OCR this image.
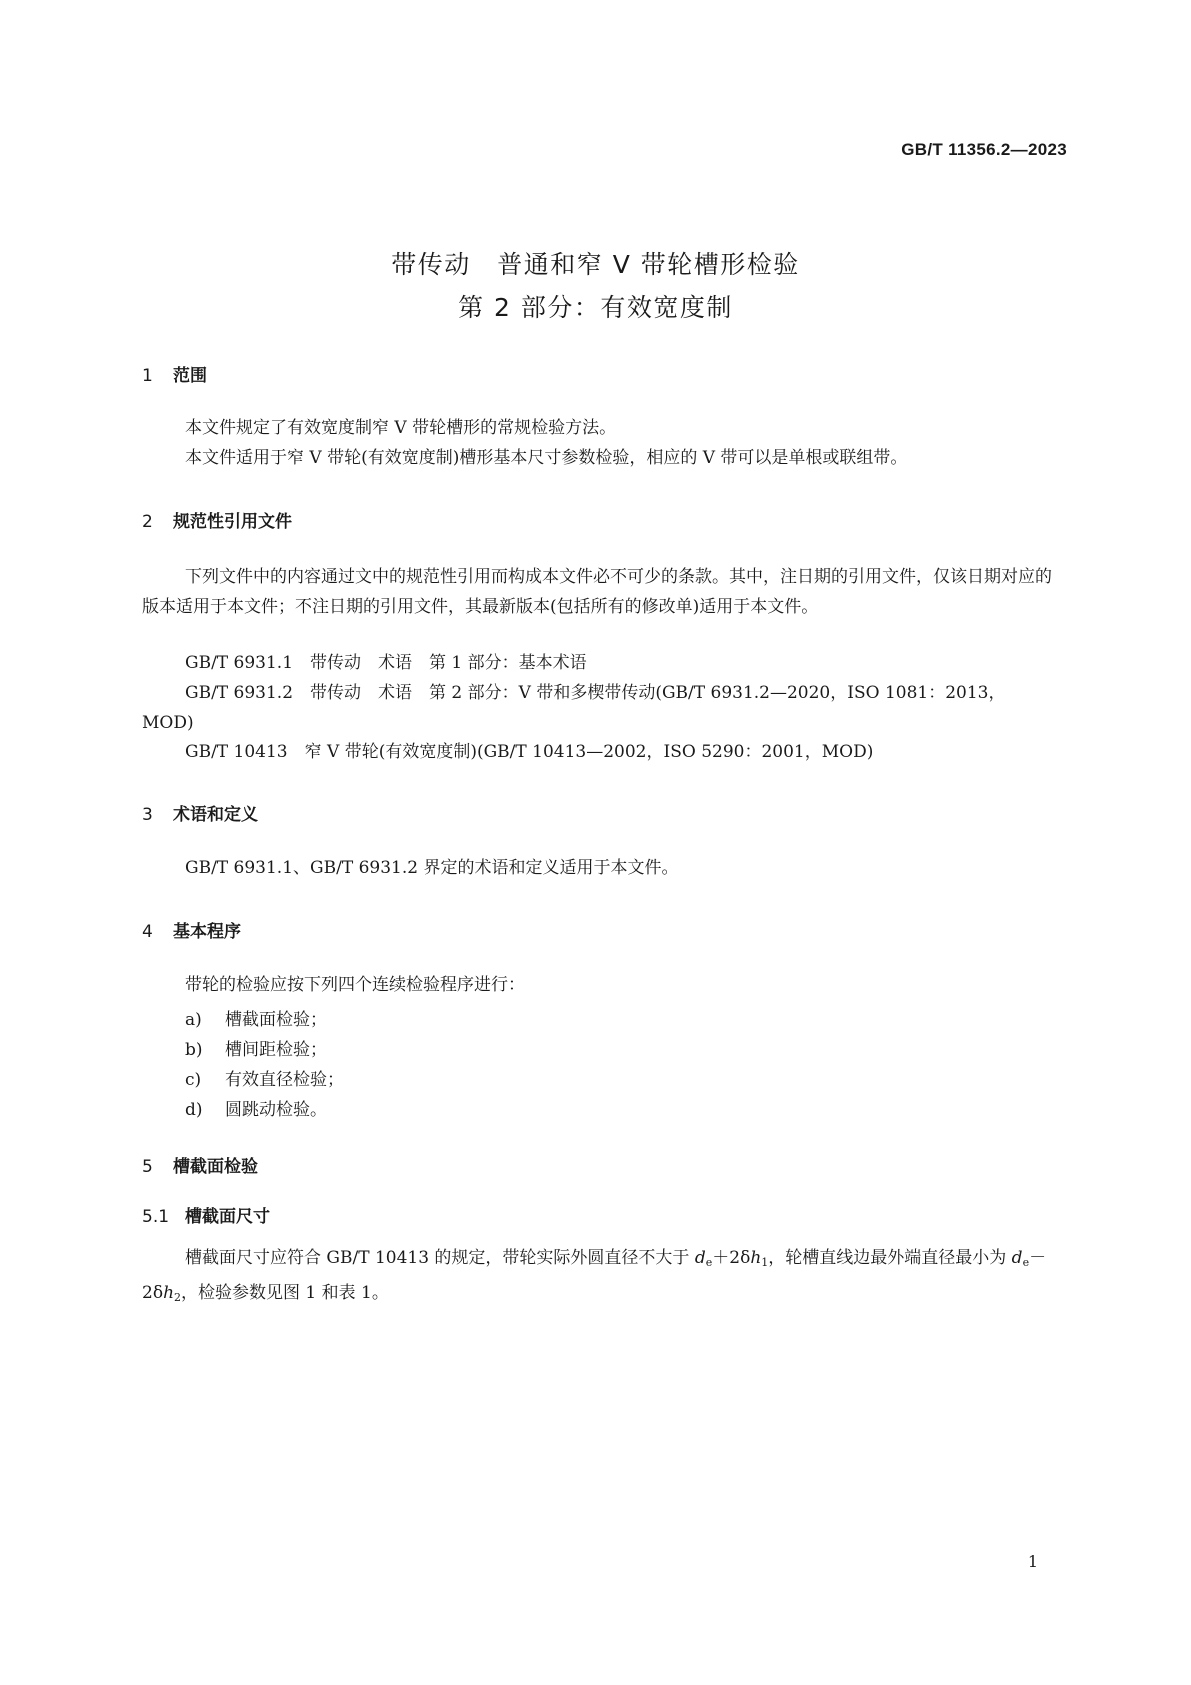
GB/T 11356.2—2023
带传动　普通和窄 V 带轮槽形检验
第 2 部分：有效宽度制
1 范围
本文件规定了有效宽度制窄 V 带轮槽形的常规检验方法。
本文件适用于窄 V 带轮(有效宽度制)槽形基本尺寸参数检验，相应的 V 带可以是单根或联组带。
2 规范性引用文件
下列文件中的内容通过文中的规范性引用而构成本文件必不可少的条款。其中，注日期的引用文件，仅该日期对应的版本适用于本文件；不注日期的引用文件，其最新版本(包括所有的修改单)适用于本文件。
GB/T 6931.1　带传动　术语　第 1 部分：基本术语
GB/T 6931.2　带传动　术语　第 2 部分：V 带和多楔带传动(GB/T 6931.2—2020，ISO 1081：2013，MOD)
GB/T 10413　窄 V 带轮(有效宽度制)(GB/T 10413—2002，ISO 5290：2001，MOD)
3 术语和定义
GB/T 6931.1、GB/T 6931.2 界定的术语和定义适用于本文件。
4 基本程序
带轮的检验应按下列四个连续检验程序进行：
a) 槽截面检验；
b) 槽间距检验；
c) 有效直径检验；
d) 圆跳动检验。
5 槽截面检验
5.1 槽截面尺寸
槽截面尺寸应符合 GB/T 10413 的规定，带轮实际外圆直径不大于 $d_e+2\delta h_1$，轮槽直线边最外端直径最小为 $d_e-2\delta h_2$，检验参数见图 1 和表 1。
1
